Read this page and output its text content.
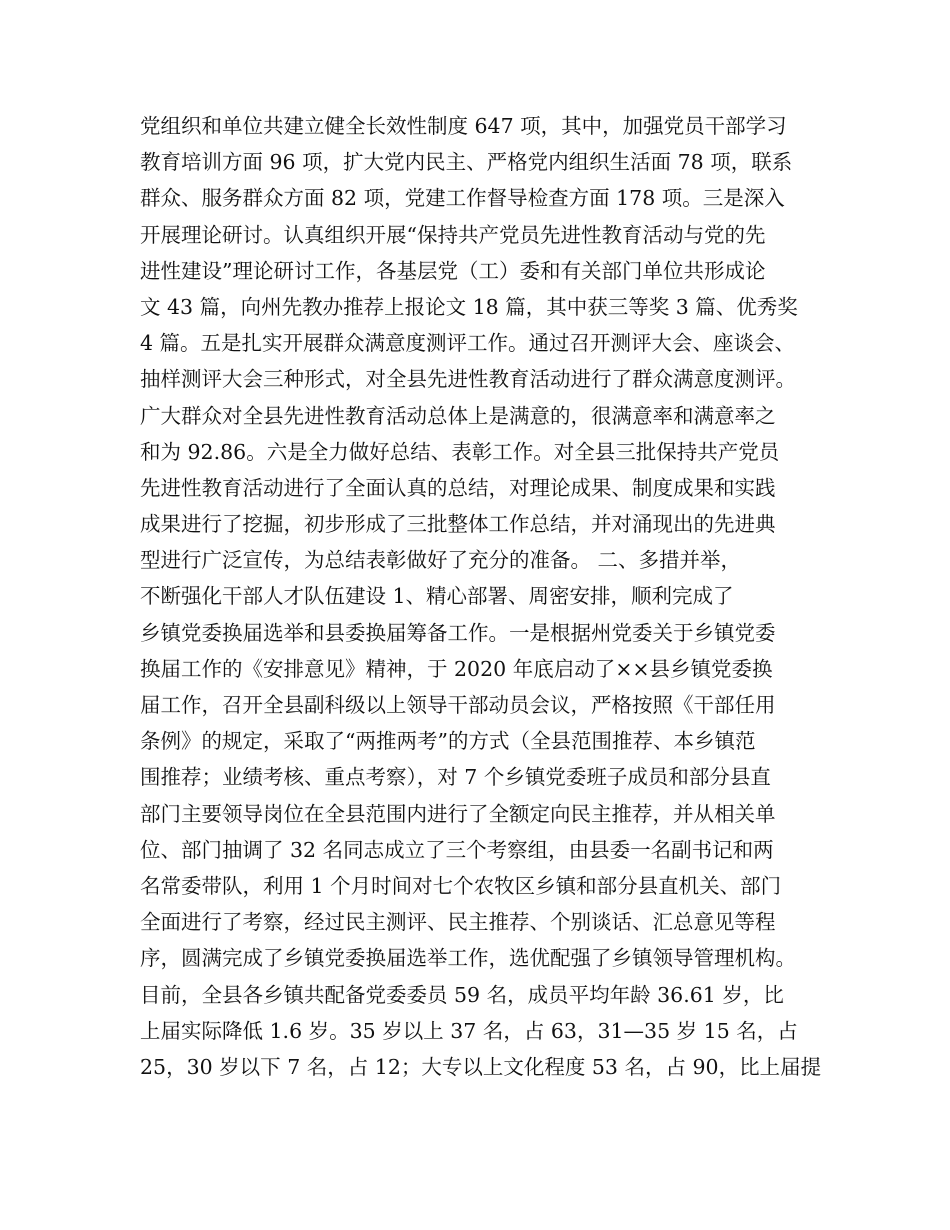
党组织和单位共建立健全长效性制度 647 项，其中，加强党员干部学习
教育培训方面 96 项，扩大党内民主、严格党内组织生活面 78 项，联系
群众、服务群众方面 82 项，党建工作督导检查方面 178 项。三是深入
开展理论研讨。认真组织开展“保持共产党员先进性教育活动与党的先
进性建设”理论研讨工作，各基层党（工）委和有关部门单位共形成论
文 43 篇，向州先教办推荐上报论文 18 篇，其中获三等奖 3 篇、优秀奖
4 篇。五是扎实开展群众满意度测评工作。通过召开测评大会、座谈会、
抽样测评大会三种形式，对全县先进性教育活动进行了群众满意度测评。
广大群众对全县先进性教育活动总体上是满意的，很满意率和满意率之
和为 92.86。六是全力做好总结、表彰工作。对全县三批保持共产党员
先进性教育活动进行了全面认真的总结，对理论成果、制度成果和实践
成果进行了挖掘，初步形成了三批整体工作总结，并对涌现出的先进典
型进行广泛宣传，为总结表彰做好了充分的准备。 二、多措并举，
不断强化干部人才队伍建设 1、精心部署、周密安排，顺利完成了
乡镇党委换届选举和县委换届筹备工作。一是根据州党委关于乡镇党委
换届工作的《安排意见》精神，于 2020 年底启动了××县乡镇党委换
届工作，召开全县副科级以上领导干部动员会议，严格按照《干部任用
条例》的规定，采取了“两推两考”的方式（全县范围推荐、本乡镇范
围推荐；业绩考核、重点考察），对 7 个乡镇党委班子成员和部分县直
部门主要领导岗位在全县范围内进行了全额定向民主推荐，并从相关单
位、部门抽调了 32 名同志成立了三个考察组，由县委一名副书记和两
名常委带队，利用 1 个月时间对七个农牧区乡镇和部分县直机关、部门
全面进行了考察，经过民主测评、民主推荐、个别谈话、汇总意见等程
序，圆满完成了乡镇党委换届选举工作，选优配强了乡镇领导管理机构。
目前，全县各乡镇共配备党委委员 59 名，成员平均年龄 36.61 岁，比
上届实际降低 1.6 岁。35 岁以上 37 名，占 63，31—35 岁 15 名，占
25，30 岁以下 7 名，占 12；大专以上文化程度 53 名，占 90，比上届提
